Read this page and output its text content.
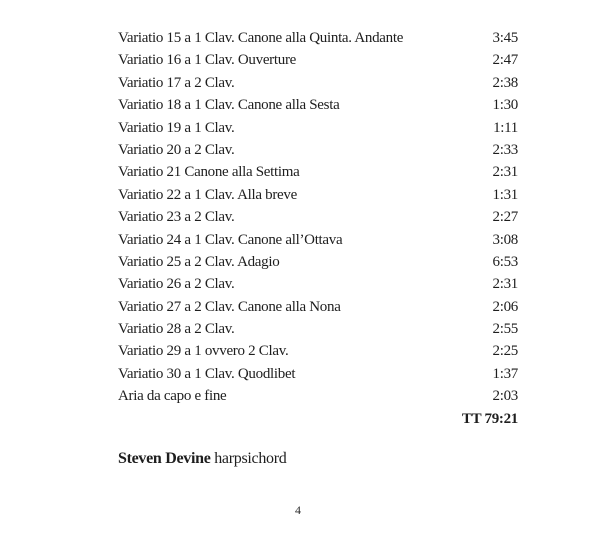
Variatio 15 a 1 Clav. Canone alla Quinta. Andante	3:45
Variatio 16 a 1 Clav. Ouverture	2:47
Variatio 17 a 2 Clav.	2:38
Variatio 18 a 1 Clav. Canone alla Sesta	1:30
Variatio 19 a 1 Clav.	1:11
Variatio 20 a 2 Clav.	2:33
Variatio 21 Canone alla Settima	2:31
Variatio 22 a 1 Clav. Alla breve	1:31
Variatio 23 a 2 Clav.	2:27
Variatio 24 a 1 Clav. Canone all’Ottava	3:08
Variatio 25 a 2 Clav. Adagio	6:53
Variatio 26 a 2 Clav.	2:31
Variatio 27 a 2 Clav. Canone alla Nona	2:06
Variatio 28 a 2 Clav.	2:55
Variatio 29 a 1 ovvero 2 Clav.	2:25
Variatio 30 a 1 Clav. Quodlibet	1:37
Aria da capo e fine	2:03
TT 79:21
Steven Devine harpsichord
4
